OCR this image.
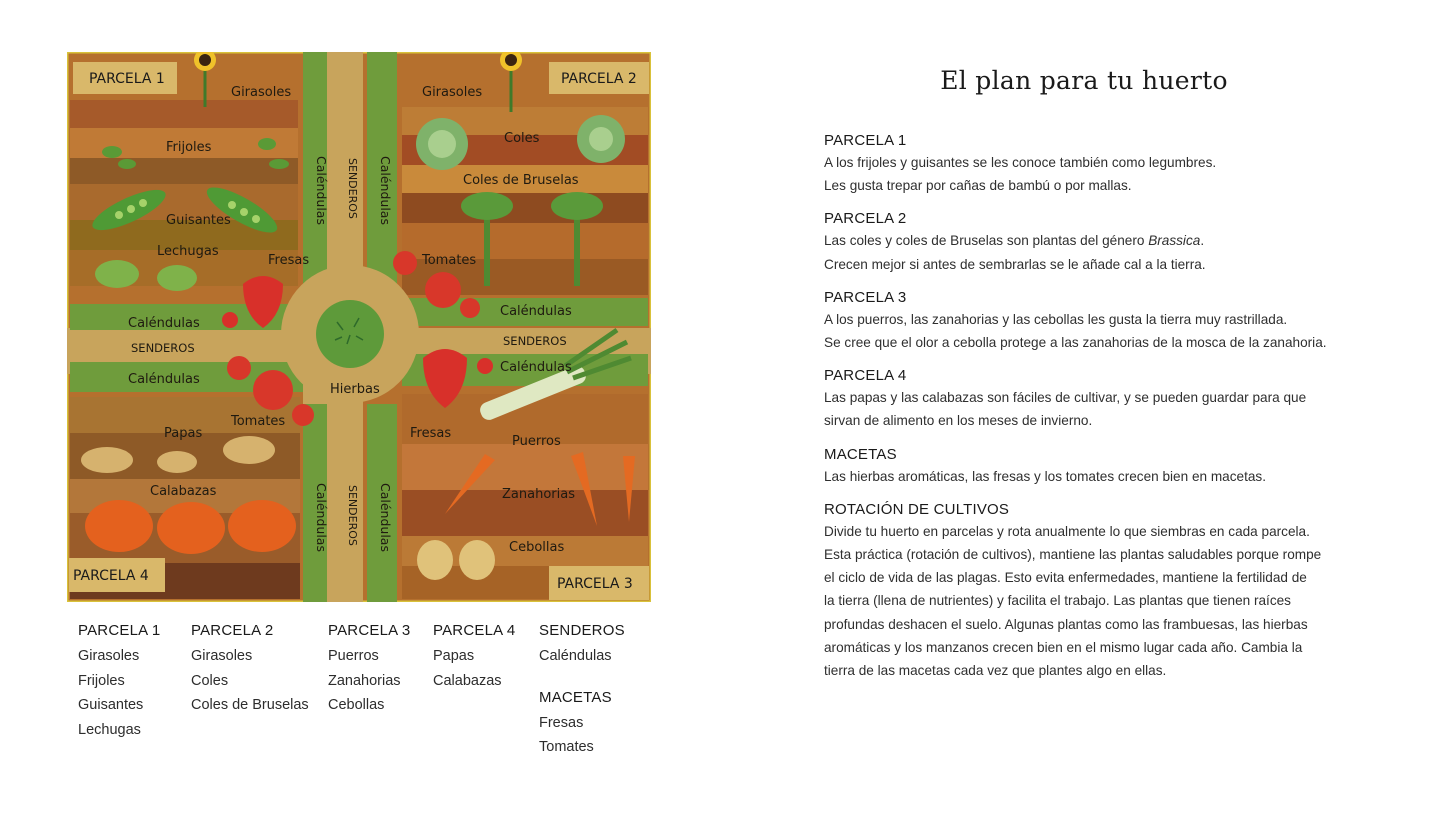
PARCELA 1	PARCELA 2
PARCELA 3
PARCELA 4
Girasoles
Frijoles
Guisantes
Lechugas
Fresas
Caléndulas
SENDEROS
Caléndulas
Hierbas
Tomates
Papas
Calabazas
Girasoles
Coles
Coles de Bruselas
Tomates
Caléndulas
SENDEROS
Caléndulas
Fresas
Puerros
Zanahorias
Cebollas
Caléndulas SENDEROS Caléndulas
Caléndulas SENDEROS Caléndulas
PARCELA 1
Girasoles
Frijoles
Guisantes
Lechugas
PARCELA 2
Girasoles
Coles
Coles de Bruselas
PARCELA 3
Puerros
Zanahorias
Cebollas
PARCELA 4
Papas
Calabazas
SENDEROS
Caléndulas
MACETAS
Fresas
Tomates
El plan para tu huerto
PARCELA 1
A los frijoles y guisantes se les conoce también como legumbres.
Les gusta trepar por cañas de bambú o por mallas.
PARCELA 2
Las coles y coles de Bruselas son plantas del género Brassica.
Crecen mejor si antes de sembrarlas se le añade cal a la tierra.
PARCELA 3
A los puerros, las zanahorias y las cebollas les gusta la tierra muy rastrillada.
Se cree que el olor a cebolla protege a las zanahorias de la mosca de la zanahoria.
PARCELA 4
Las papas y las calabazas son fáciles de cultivar, y se pueden guardar para que
sirvan de alimento en los meses de invierno.
MACETAS
Las hierbas aromáticas, las fresas y los tomates crecen bien en macetas.
ROTACIÓN DE CULTIVOS
Divide tu huerto en parcelas y rota anualmente lo que siembras en cada parcela.
Esta práctica (rotación de cultivos), mantiene las plantas saludables porque rompe
el ciclo de vida de las plagas. Esto evita enfermedades, mantiene la fertilidad de
la tierra (llena de nutrientes) y facilita el trabajo. Las plantas que tienen raíces
profundas deshacen el suelo. Algunas plantas como las frambuesas, las hierbas
aromáticas y los manzanos crecen bien en el mismo lugar cada año. Cambia la
tierra de las macetas cada vez que plantes algo en ellas.
